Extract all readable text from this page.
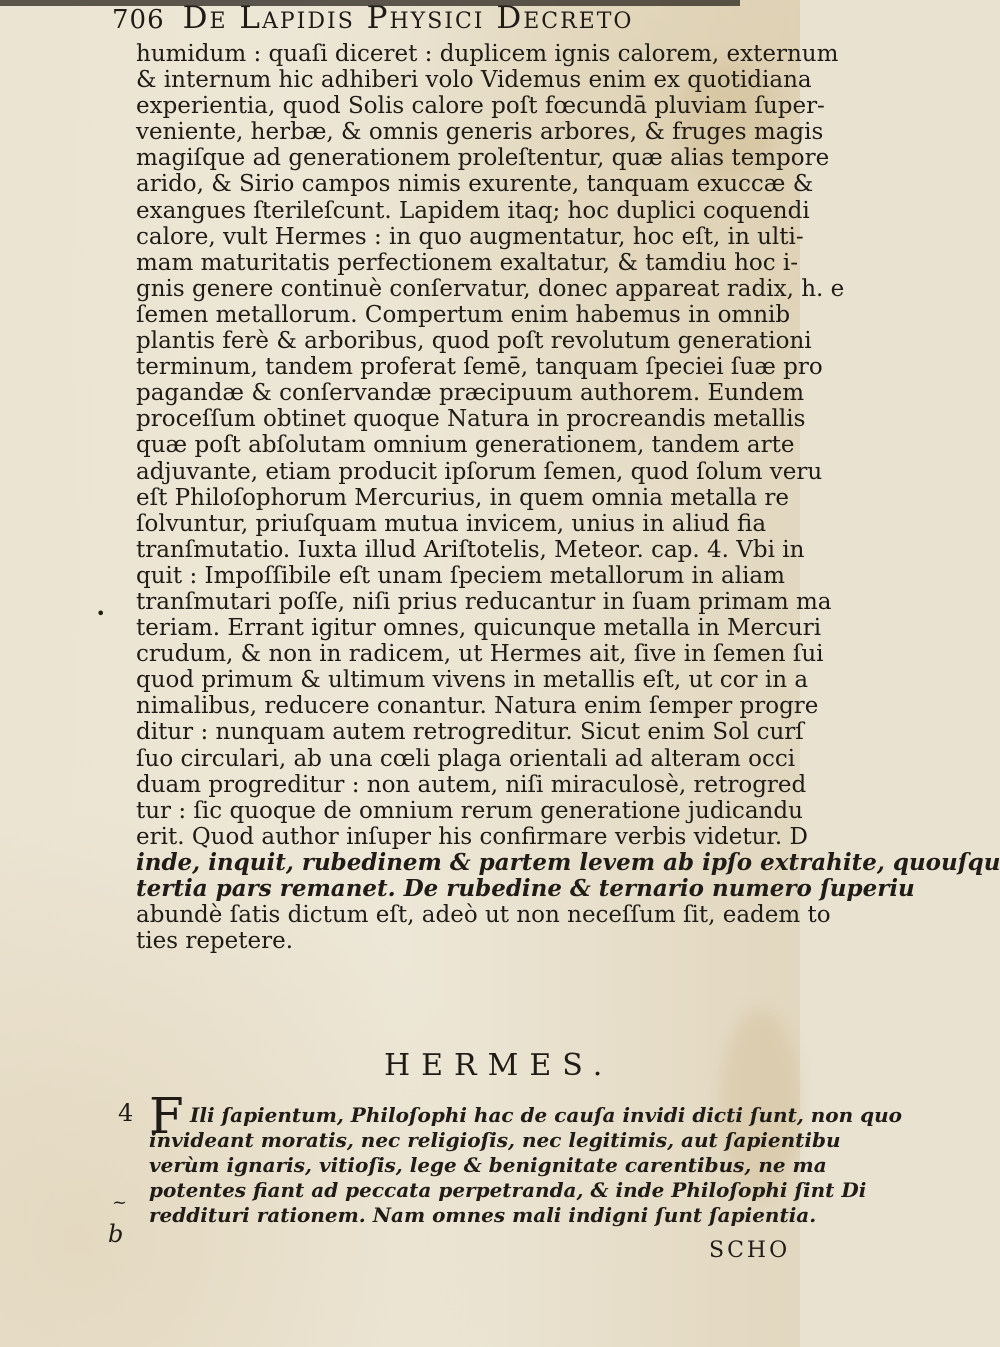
706 De Lapidis Physici Decreto
humidum : quaſi diceret : duplicem ignis calorem, externum
& internum hic adhiberi volo Videmus enim ex quotidiana
experientia, quod Solis calore poſt fœcundā pluviam ſuper-
veniente, herbæ, & omnis generis arbores, & fruges magis
magiſque ad generationem proleſtentur, quæ alias tempore
arido, & Sirio campos nimis exurente, tanquam exuccæ &
exangues ſterileſcunt. Lapidem itaq; hoc duplici coquendi
calore, vult Hermes : in quo augmentatur, hoc eſt, in ulti-
mam maturitatis perfectionem exaltatur, & tamdiu hoc i-
gnis genere continuè conſervatur, donec appareat radix, h. e
ſemen metallorum. Compertum enim habemus in omnib
plantis ferè & arboribus, quod poſt revolutum generationi
terminum, tandem proferat ſemē, tanquam ſpeciei ſuæ pro
pagandæ & conſervandæ præcipuum authorem. Eundem
proceſſum obtinet quoque Natura in procreandis metallis
quæ poſt abſolutam omnium generationem, tandem arte
adjuvante, etiam producit ipſorum ſemen, quod ſolum veru
eſt Philoſophorum Mercurius, in quem omnia metalla re
ſolvuntur, priuſquam mutua invicem, unius in aliud fia
tranſmutatio. Iuxta illud Ariſtotelis, Meteor. cap. 4. Vbi in
quit : Impoſſibile eſt unam ſpeciem metallorum in aliam
tranſmutari poſſe, niſi prius reducantur in ſuam primam ma
teriam. Errant igitur omnes, quicunque metalla in Mercuri
crudum, & non in radicem, ut Hermes ait, ſive in ſemen ſui
quod primum & ultimum vivens in metallis eſt, ut cor in a
nimalibus, reducere conantur. Natura enim ſemper progre
ditur : nunquam autem retrogreditur. Sicut enim Sol curſ
ſuo circulari, ab una cœli plaga orientali ad alteram occi
duam progreditur : non autem, niſi miraculosè, retrogred
tur : ſic quoque de omnium rerum generatione judicandu
erit. Quod author inſuper his confirmare verbis videtur. D
inde, inquit, rubedinem & partem levem ab ipſo extrahite, quouſqu
tertia pars remanet. De rubedine & ternario numero ſuperiu
abundè ſatis dictum eſt, adeò ut non neceſſum ſit, eadem to
ties repetere.
•
HERMES.
4
b
~
F Ili ſapientum, Philoſophi hac de cauſa invidi dicti ſunt, non quo
invideant moratis, nec religioſis, nec legitimis, aut ſapientibu
verùm ignaris, vitioſis, lege & benignitate carentibus, ne ma
potentes fiant ad peccata perpetranda, & inde Philoſophi ſint Di
reddituri rationem. Nam omnes mali indigni ſunt ſapientia.
SCHO
